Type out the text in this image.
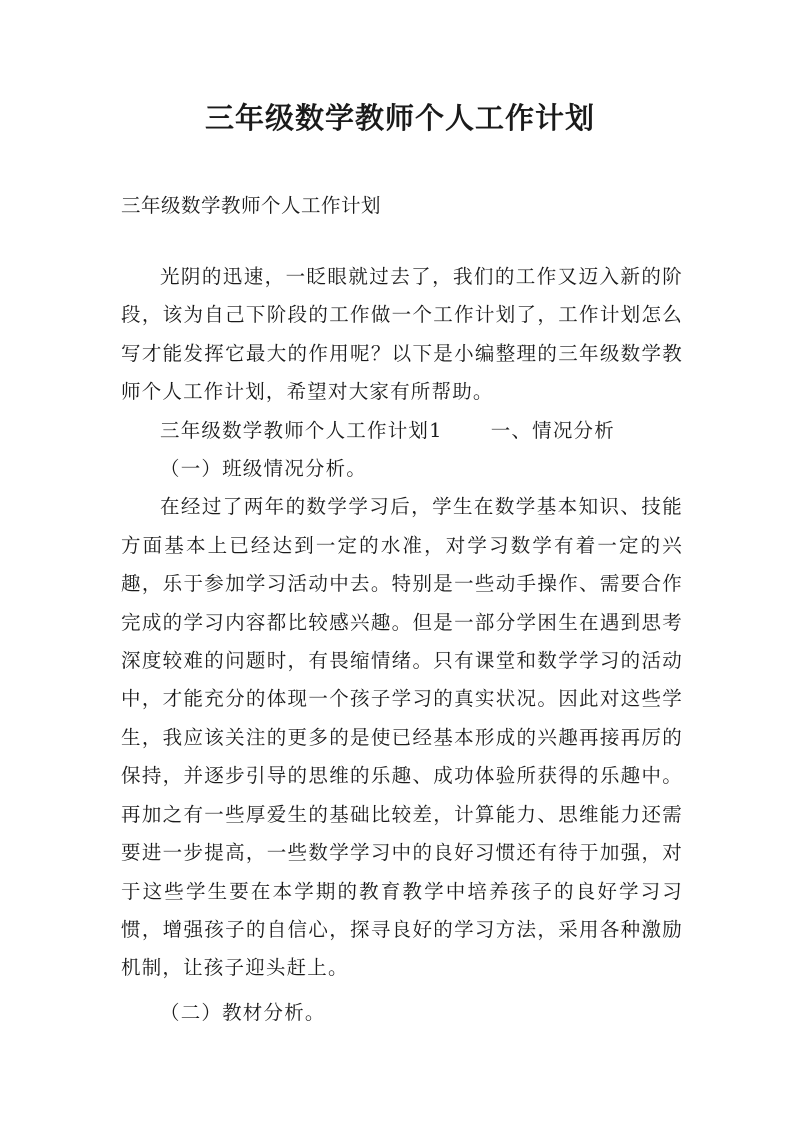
三年级数学教师个人工作计划

三年级数学教师个人工作计划

光阴的迅速，一眨眼就过去了，我们的工作又迈入新的阶段，该为自己下阶段的工作做一个工作计划了，工作计划怎么写才能发挥它最大的作用呢？以下是小编整理的三年级数学教师个人工作计划，希望对大家有所帮助。

三年级数学教师个人工作计划1 一、情况分析

（一）班级情况分析。

在经过了两年的数学学习后，学生在数学基本知识、技能方面基本上已经达到一定的水准，对学习数学有着一定的兴趣，乐于参加学习活动中去。特别是一些动手操作、需要合作完成的学习内容都比较感兴趣。但是一部分学困生在遇到思考深度较难的问题时，有畏缩情绪。只有课堂和数学学习的活动中，才能充分的体现一个孩子学习的真实状况。因此对这些学生，我应该关注的更多的是使已经基本形成的兴趣再接再厉的保持，并逐步引导的思维的乐趣、成功体验所获得的乐趣中。再加之有一些厚爱生的基础比较差，计算能力、思维能力还需要进一步提高，一些数学学习中的良好习惯还有待于加强，对于这些学生要在本学期的教育教学中培养孩子的良好学习习惯，增强孩子的自信心，探寻良好的学习方法，采用各种激励机制，让孩子迎头赶上。

（二）教材分析。
